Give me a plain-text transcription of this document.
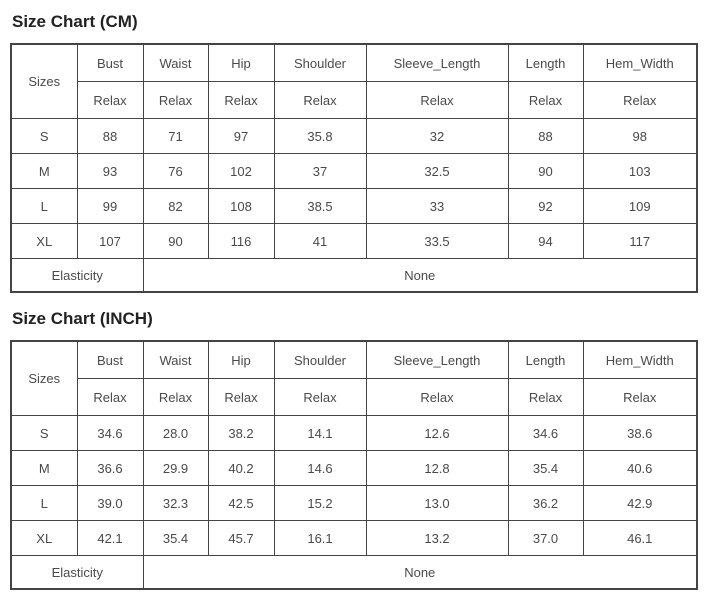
Size Chart (CM)
Sizes	Bust	Waist	Hip	Shoulder	Sleeve_Length	Length	Hem_Width
	Relax	Relax	Relax	Relax	Relax	Relax	Relax
S	88	71	97	35.8	32	88	98
M	93	76	102	37	32.5	90	103
L	99	82	108	38.5	33	92	109
XL	107	90	116	41	33.5	94	117
Elasticity		None					
Size Chart (INCH)
Sizes	Bust	Waist	Hip	Shoulder	Sleeve_Length	Length	Hem_Width
	Relax	Relax	Relax	Relax	Relax	Relax	Relax
S	34.6	28.0	38.2	14.1	12.6	34.6	38.6
M	36.6	29.9	40.2	14.6	12.8	35.4	40.6
L	39.0	32.3	42.5	15.2	13.0	36.2	42.9
XL	42.1	35.4	45.7	16.1	13.2	37.0	46.1
Elasticity		None					
